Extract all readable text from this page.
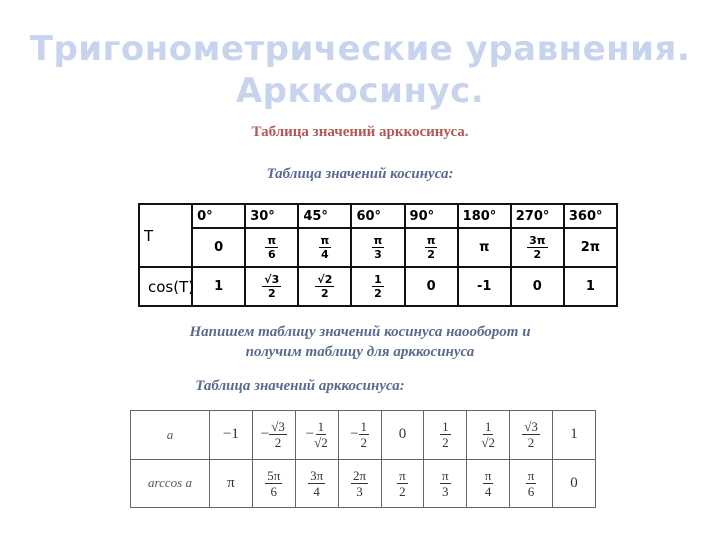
Тригонометрические уравнения.
Арккосинус.
Таблица значений арккосинуса.
Таблица значений косинуса:
T	0°	30°	45°	60°	90°	180°	270°	360°
	0	$\frac{\pi}{6}$	$\frac{\pi}{4}$	$\frac{\pi}{3}$	$\frac{\pi}{2}$	π	$\frac{3\pi}{2}$	2π
cos(T)	1	$\frac{√3}{2}$	$\frac{√2}{2}$	$\frac{1}{2}$	0	-1	0	1
Напишем таблицу значений косинуса наооборот и
получим таблицу для арккосинуса
Таблица значений арккосинуса:
a	−1	− $\frac{√3}{2}$	− $\frac{1}{√2}$	− $\frac{1}{2}$	0	$\frac{1}{2}$	$\frac{1}{√2}$	$\frac{√3}{2}$	1
arccos a	π	$\frac{5\pi}{6}$	$\frac{3\pi}{4}$	$\frac{2\pi}{3}$	$\frac{\pi}{2}$	$\frac{\pi}{3}$	$\frac{\pi}{4}$	$\frac{\pi}{6}$	0
